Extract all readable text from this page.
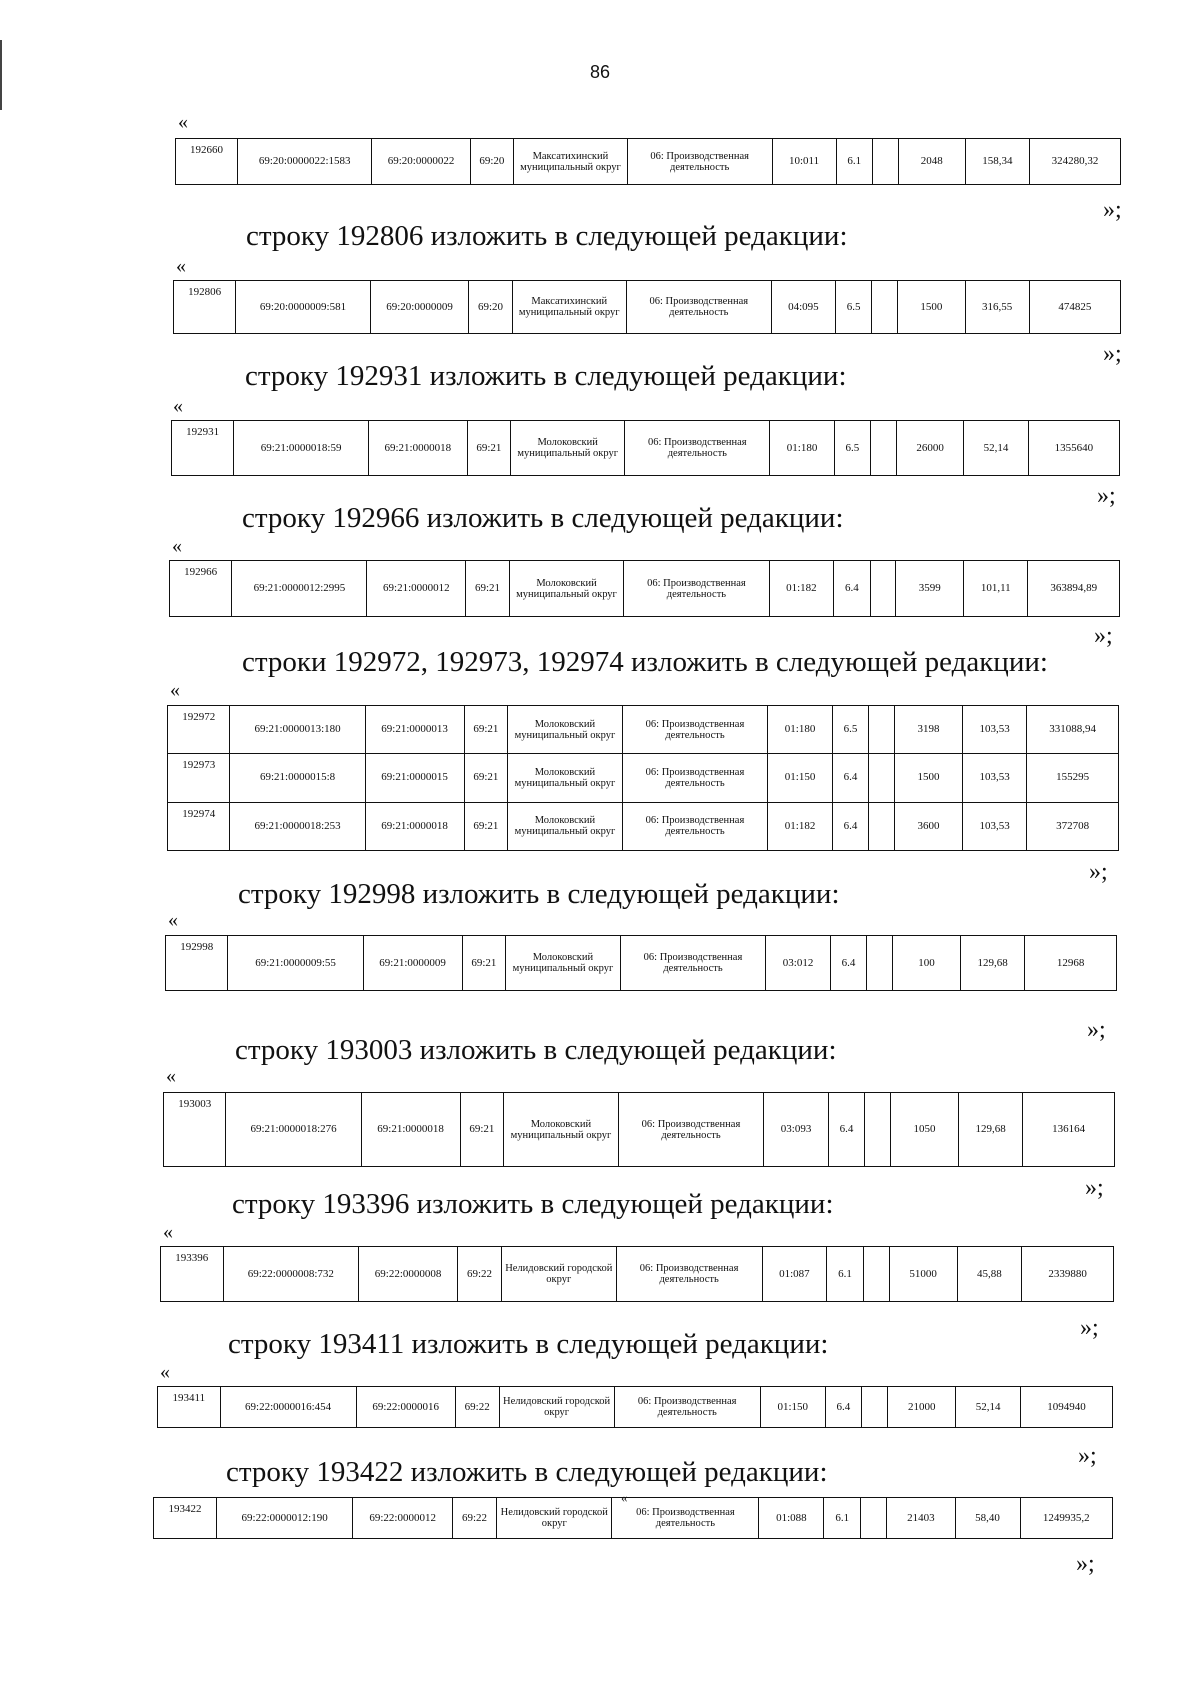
86
«
192660	69:20:0000022:1583	69:20:0000022	69:20	Максатихинский муниципальный округ	06: Производственная деятельность	10:011	6.1		2048	158,34	324280,32
»;
строку 192806 изложить в следующей редакции:
«
192806	69:20:0000009:581	69:20:0000009	69:20	Максатихинский муниципальный округ	06: Производственная деятельность	04:095	6.5		1500	316,55	474825
»;
строку 192931 изложить в следующей редакции:
«
192931	69:21:0000018:59	69:21:0000018	69:21	Молоковский муниципальный округ	06: Производственная деятельность	01:180	6.5		26000	52,14	1355640
»;
строку 192966 изложить в следующей редакции:
«
192966	69:21:0000012:2995	69:21:0000012	69:21	Молоковский муниципальный округ	06: Производственная деятельность	01:182	6.4		3599	101,11	363894,89
»;
строки 192972, 192973, 192974 изложить в следующей редакции:
«
192972	69:21:0000013:180	69:21:0000013	69:21	Молоковский муниципальный округ	06: Производственная деятельность	01:180	6.5		3198	103,53	331088,94
192973	69:21:0000015:8	69:21:0000015	69:21	Молоковский муниципальный округ	06: Производственная деятельность	01:150	6.4		1500	103,53	155295
192974	69:21:0000018:253	69:21:0000018	69:21	Молоковский муниципальный округ	06: Производственная деятельность	01:182	6.4		3600	103,53	372708
»;
строку 192998 изложить в следующей редакции:
«
192998	69:21:0000009:55	69:21:0000009	69:21	Молоковский муниципальный округ	06: Производственная деятельность	03:012	6.4		100	129,68	12968
»;
строку 193003 изложить в следующей редакции:
«
193003	69:21:0000018:276	69:21:0000018	69:21	Молоковский муниципальный округ	06: Производственная деятельность	03:093	6.4		1050	129,68	136164
»;
строку 193396 изложить в следующей редакции:
«
193396	69:22:0000008:732	69:22:0000008	69:22	Нелидовский городской округ	06: Производственная деятельность	01:087	6.1		51000	45,88	2339880
»;
строку 193411 изложить в следующей редакции:
«
193411	69:22:0000016:454	69:22:0000016	69:22	Нелидовский городской округ	06: Производственная деятельность	01:150	6.4		21000	52,14	1094940
»;
строку 193422 изложить в следующей редакции:
«
193422	69:22:0000012:190	69:22:0000012	69:22	Нелидовский городской округ	06: Производственная деятельность	01:088	6.1		21403	58,40	1249935,2
»;
